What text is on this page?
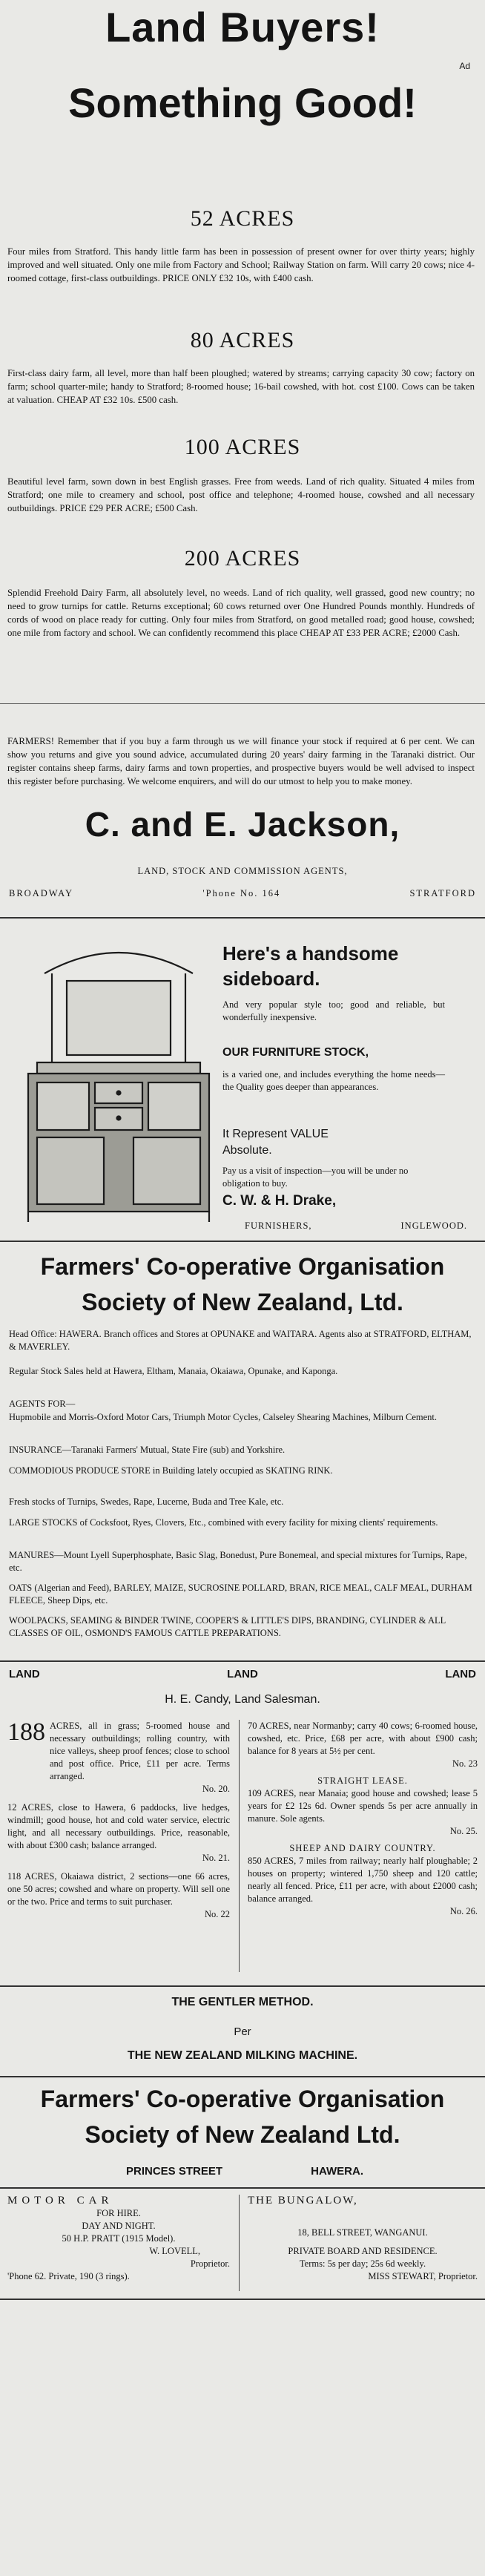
Land Buyers!
Something Good!
Ad
52 ACRES
Four miles from Stratford. This handy little farm has been in possession of present owner for over thirty years; highly improved and well situated. Only one mile from Factory and School; Railway Station on farm. Will carry 20 cows; nice 4-roomed cottage, first-class outbuildings. PRICE ONLY £32 10s, with £400 cash.
80 ACRES
First-class dairy farm, all level, more than half been ploughed; watered by streams; carrying capacity 30 cow; factory on farm; school quarter-mile; handy to Stratford; 8-roomed house; 16-bail cowshed, with hot. cost £100. Cows can be taken at valuation. CHEAP AT £32 10s. £500 cash.
100 ACRES
Beautiful level farm, sown down in best English grasses. Free from weeds. Land of rich quality. Situated 4 miles from Stratford; one mile to creamery and school, post office and telephone; 4-roomed house, cowshed and all necessary outbuildings. PRICE £29 PER ACRE; £500 Cash.
200 ACRES
Splendid Freehold Dairy Farm, all absolutely level, no weeds. Land of rich quality, well grassed, good new country; no need to grow turnips for cattle. Returns exceptional; 60 cows returned over One Hundred Pounds monthly. Hundreds of cords of wood on place ready for cutting. Only four miles from Stratford, on good metalled road; good house, cowshed; one mile from factory and school. We can confidently recommend this place CHEAP AT £33 PER ACRE; £2000 Cash.
FARMERS! Remember that if you buy a farm through us we will finance your stock if required at 6 per cent. We can show you returns and give you sound advice, accumulated during 20 years' dairy farming in the Taranaki district. Our register contains sheep farms, dairy farms and town properties, and prospective buyers would be well advised to inspect this register before purchasing. We welcome enquirers, and will do our utmost to help you to make money.
C. and E. Jackson,
LAND, STOCK AND COMMISSION AGENTS,
BROADWAY	'Phone No. 164	STRATFORD
Here's a handsome sideboard.
And very popular style too; good and reliable, but wonderfully inexpensive.
OUR FURNITURE STOCK,
is a varied one, and includes everything the home needs—the Quality goes deeper than appearances.
It Represent VALUE Absolute.
Pay us a visit of inspection—you will be under no obligation to buy.
C. W. & H. Drake,
FURNISHERS,	INGLEWOOD.
Farmers' Co-operative Organisation
Society of New Zealand, Ltd.
Head Office: HAWERA. Branch offices and Stores at OPUNAKE and WAITARA. Agents also at STRATFORD, ELTHAM, & MAVERLEY.
Regular Stock Sales held at Hawera, Eltham, Manaia, Okaiawa, Opunake, and Kaponga.
AGENTS FOR—
Hupmobile and Morris-Oxford Motor Cars, Triumph Motor Cycles, Calseley Shearing Machines, Milburn Cement.
INSURANCE—Taranaki Farmers' Mutual, State Fire (sub) and Yorkshire.
COMMODIOUS PRODUCE STORE in Building lately occupied as SKATING RINK.
Fresh stocks of Turnips, Swedes, Rape, Lucerne, Buda and Tree Kale, etc.
LARGE STOCKS of Cocksfoot, Ryes, Clovers, Etc., combined with every facility for mixing clients' requirements.
MANURES—Mount Lyell Superphosphate, Basic Slag, Bonedust, Pure Bonemeal, and special mixtures for Turnips, Rape, etc.
OATS (Algerian and Feed), BARLEY, MAIZE, SUCROSINE POLLARD, BRAN, RICE MEAL, CALF MEAL, DURHAM FLEECE, Sheep Dips, etc.
WOOLPACKS, SEAMING & BINDER TWINE, COOPER'S & LITTLE'S DIPS, BRANDING, CYLINDER & ALL CLASSES OF OIL, OSMOND'S FAMOUS CATTLE PREPARATIONS.
LAND	LAND	LAND
H. E. Candy, Land Salesman.
188 ACRES, all in grass; 5-roomed house and necessary outbuildings; rolling country, with nice valleys, sheep proof fences; close to school and post office. Price, £11 per acre. Terms arranged.
No. 20.
12 ACRES, close to Hawera, 6 paddocks, live hedges, windmill; good house, hot and cold water service, electric light, and all necessary outbuildings. Price, reasonable, with about £300 cash; balance arranged.
No. 21.
118 ACRES, Okaiawa district, 2 sections—one 66 acres, one 50 acres; cowshed and whare on property. Will sell one or the two. Price and terms to suit purchaser.
No. 22
70 ACRES, near Normanby; carry 40 cows; 6-roomed house, cowshed, etc. Price, £68 per acre, with about £900 cash; balance for 8 years at 5½ per cent.
No. 23
STRAIGHT LEASE.
109 ACRES, near Manaia; good house and cowshed; lease 5 years for £2 12s 6d. Owner spends 5s per acre annually in manure. Sole agents.
No. 25.
SHEEP AND DAIRY COUNTRY.
850 ACRES, 7 miles from railway; nearly half ploughable; 2 houses on property; wintered 1,750 sheep and 120 cattle; nearly all fenced. Price, £11 per acre, with about £2000 cash; balance arranged.
No. 26.
THE GENTLER METHOD.
Per
THE NEW ZEALAND MILKING MACHINE.
Farmers' Co-operative Organisation
Society of New Zealand Ltd.
PRINCES STREET	HAWERA.
MOTOR CAR
FOR HIRE.
DAY AND NIGHT.
50 H.P. PRATT (1915 Model).
W. LOVELL,
Proprietor.
'Phone 62. Private, 190 (3 rings).
THE BUNGALOW,
18, BELL STREET, WANGANUI.
PRIVATE BOARD AND RESIDENCE.
Terms: 5s per day; 25s 6d weekly.
MISS STEWART, Proprietor.
